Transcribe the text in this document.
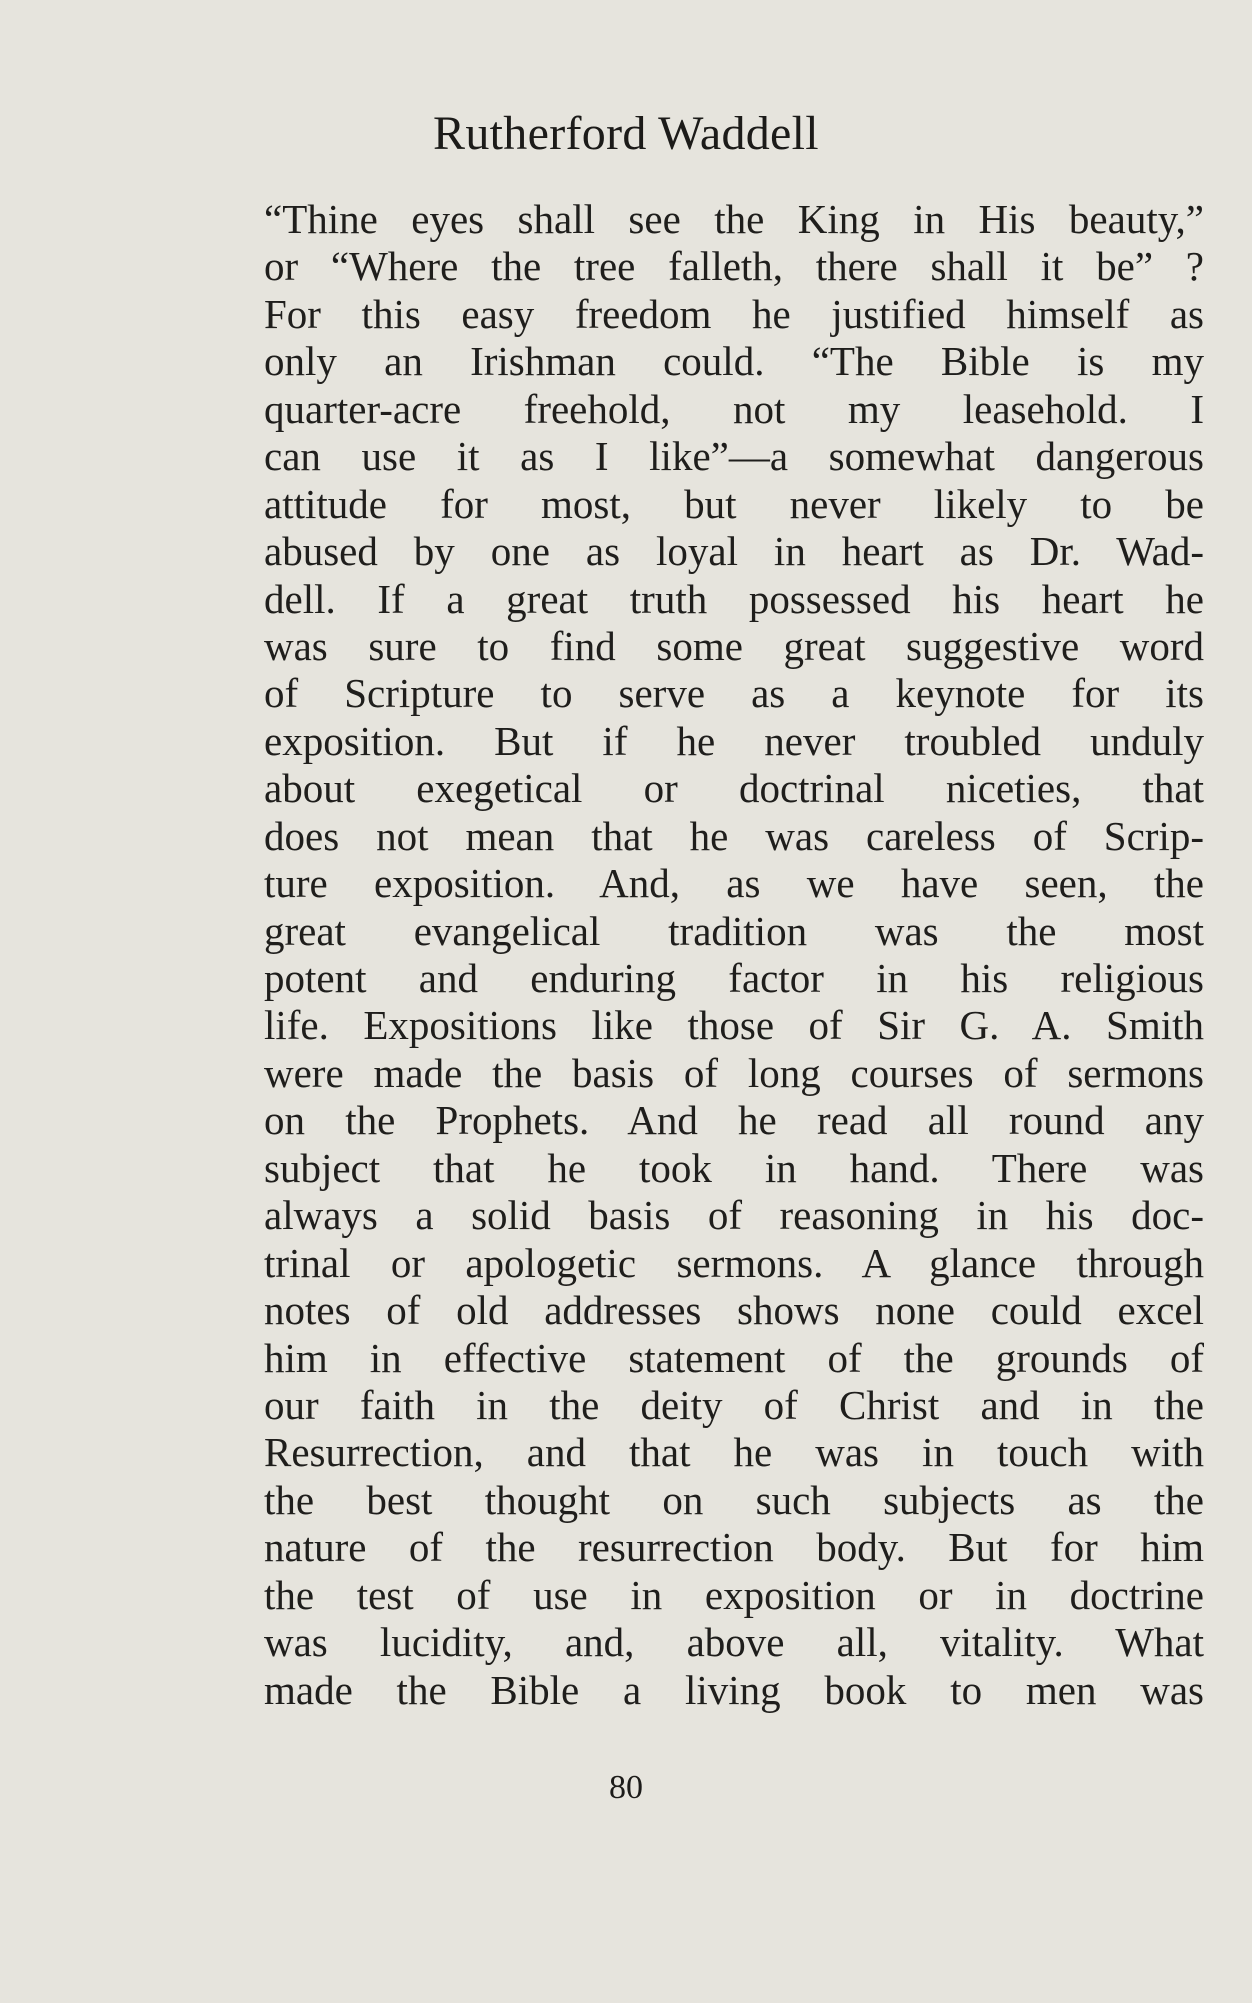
Rutherford Waddell
“Thine eyes shall see the King in His beauty,”
or “Where the tree falleth, there shall it be” ?
For this easy freedom he justified himself as
only an Irishman could. “The Bible is my
quarter-acre freehold, not my leasehold. I
can use it as I like”—a somewhat dangerous
attitude for most, but never likely to be
abused by one as loyal in heart as Dr. Wad-
dell. If a great truth possessed his heart he
was sure to find some great suggestive word
of Scripture to serve as a keynote for its
exposition. But if he never troubled unduly
about exegetical or doctrinal niceties, that
does not mean that he was careless of Scrip-
ture exposition. And, as we have seen, the
great evangelical tradition was the most
potent and enduring factor in his religious
life. Expositions like those of Sir G. A. Smith
were made the basis of long courses of sermons
on the Prophets. And he read all round any
subject that he took in hand. There was
always a solid basis of reasoning in his doc-
trinal or apologetic sermons. A glance through
notes of old addresses shows none could excel
him in effective statement of the grounds of
our faith in the deity of Christ and in the
Resurrection, and that he was in touch with
the best thought on such subjects as the
nature of the resurrection body. But for him
the test of use in exposition or in doctrine
was lucidity, and, above all, vitality. What
made the Bible a living book to men was
80
